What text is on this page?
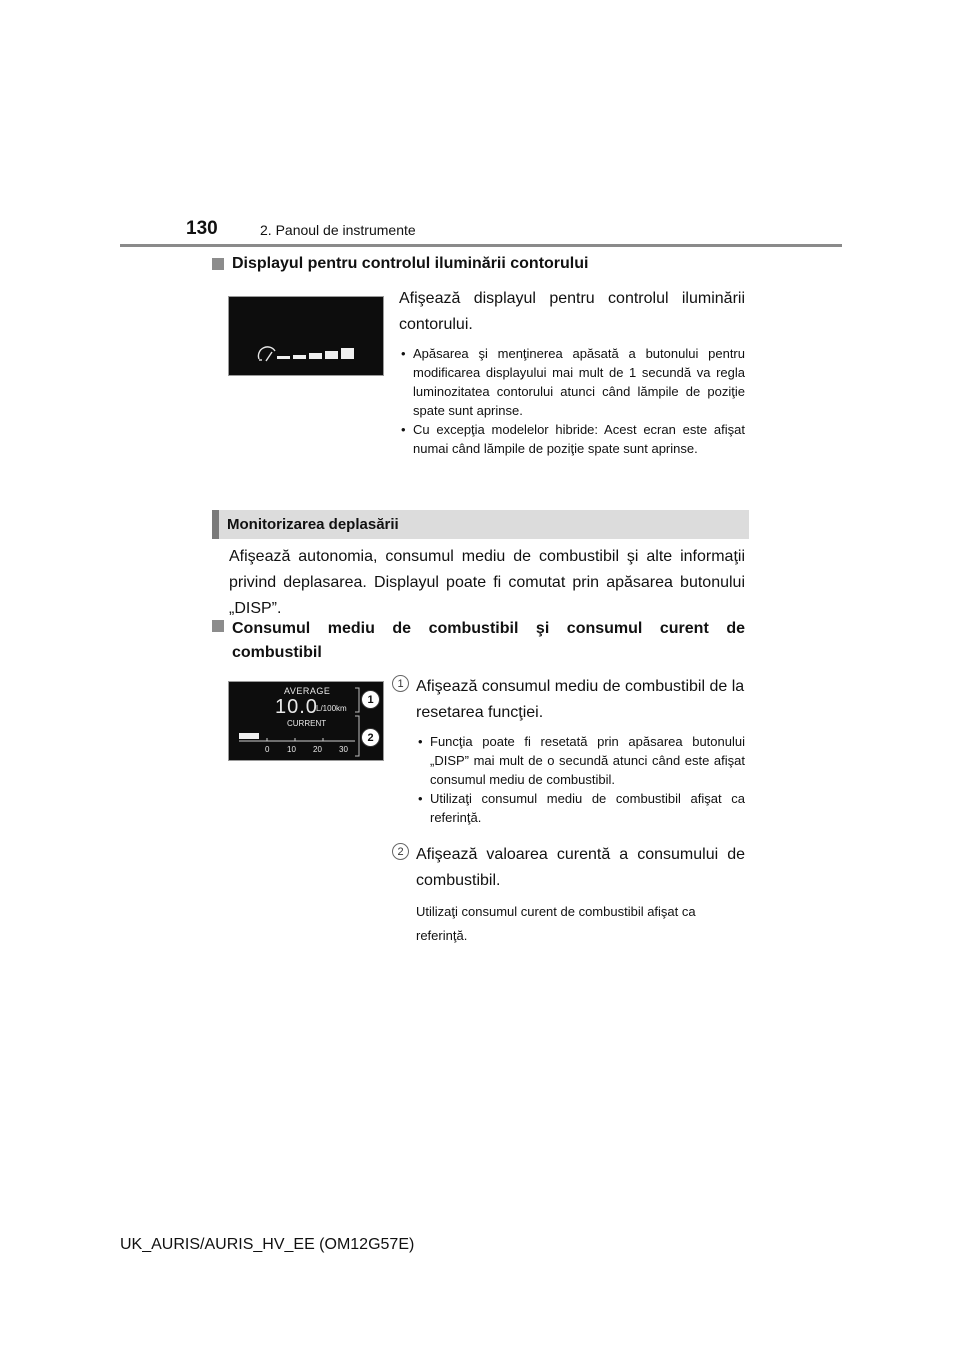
130	2. Panoul de instrumente
Displayul pentru controlul iluminării contorului

Afişează displayul pentru controlul iluminării contorului.

• Apăsarea şi menţinerea apăsată a butonului pentru modificarea displayului mai mult de 1 secundă va regla luminozitatea contorului atunci când lămpile de poziţie spate sunt aprinse.
• Cu excepţia modelelor hibride: Acest ecran este afişat numai când lămpile de poziţie spate sunt aprinse.
Monitorizarea deplasării
Afişează autonomia, consumul mediu de combustibil şi alte informaţii privind deplasarea. Displayul poate fi comutat prin apăsarea butonului „DISP”.
Consumul mediu de combustibil şi consumul curent de combustibil
AVERAGE
10.0
L/100km
CURRENT
0 10 20 30
1
2
1 Afişează consumul mediu de combustibil de la resetarea funcţiei.

• Funcţia poate fi resetată prin apăsarea butonului „DISP” mai mult de o secundă atunci când este afişat consumul mediu de combustibil.
• Utilizaţi consumul mediu de combustibil afişat ca referinţă.
2 Afişează valoarea curentă a consumului de combustibil.

Utilizaţi consumul curent de combustibil afişat ca referinţă.

UK_AURIS/AURIS_HV_EE (OM12G57E)
